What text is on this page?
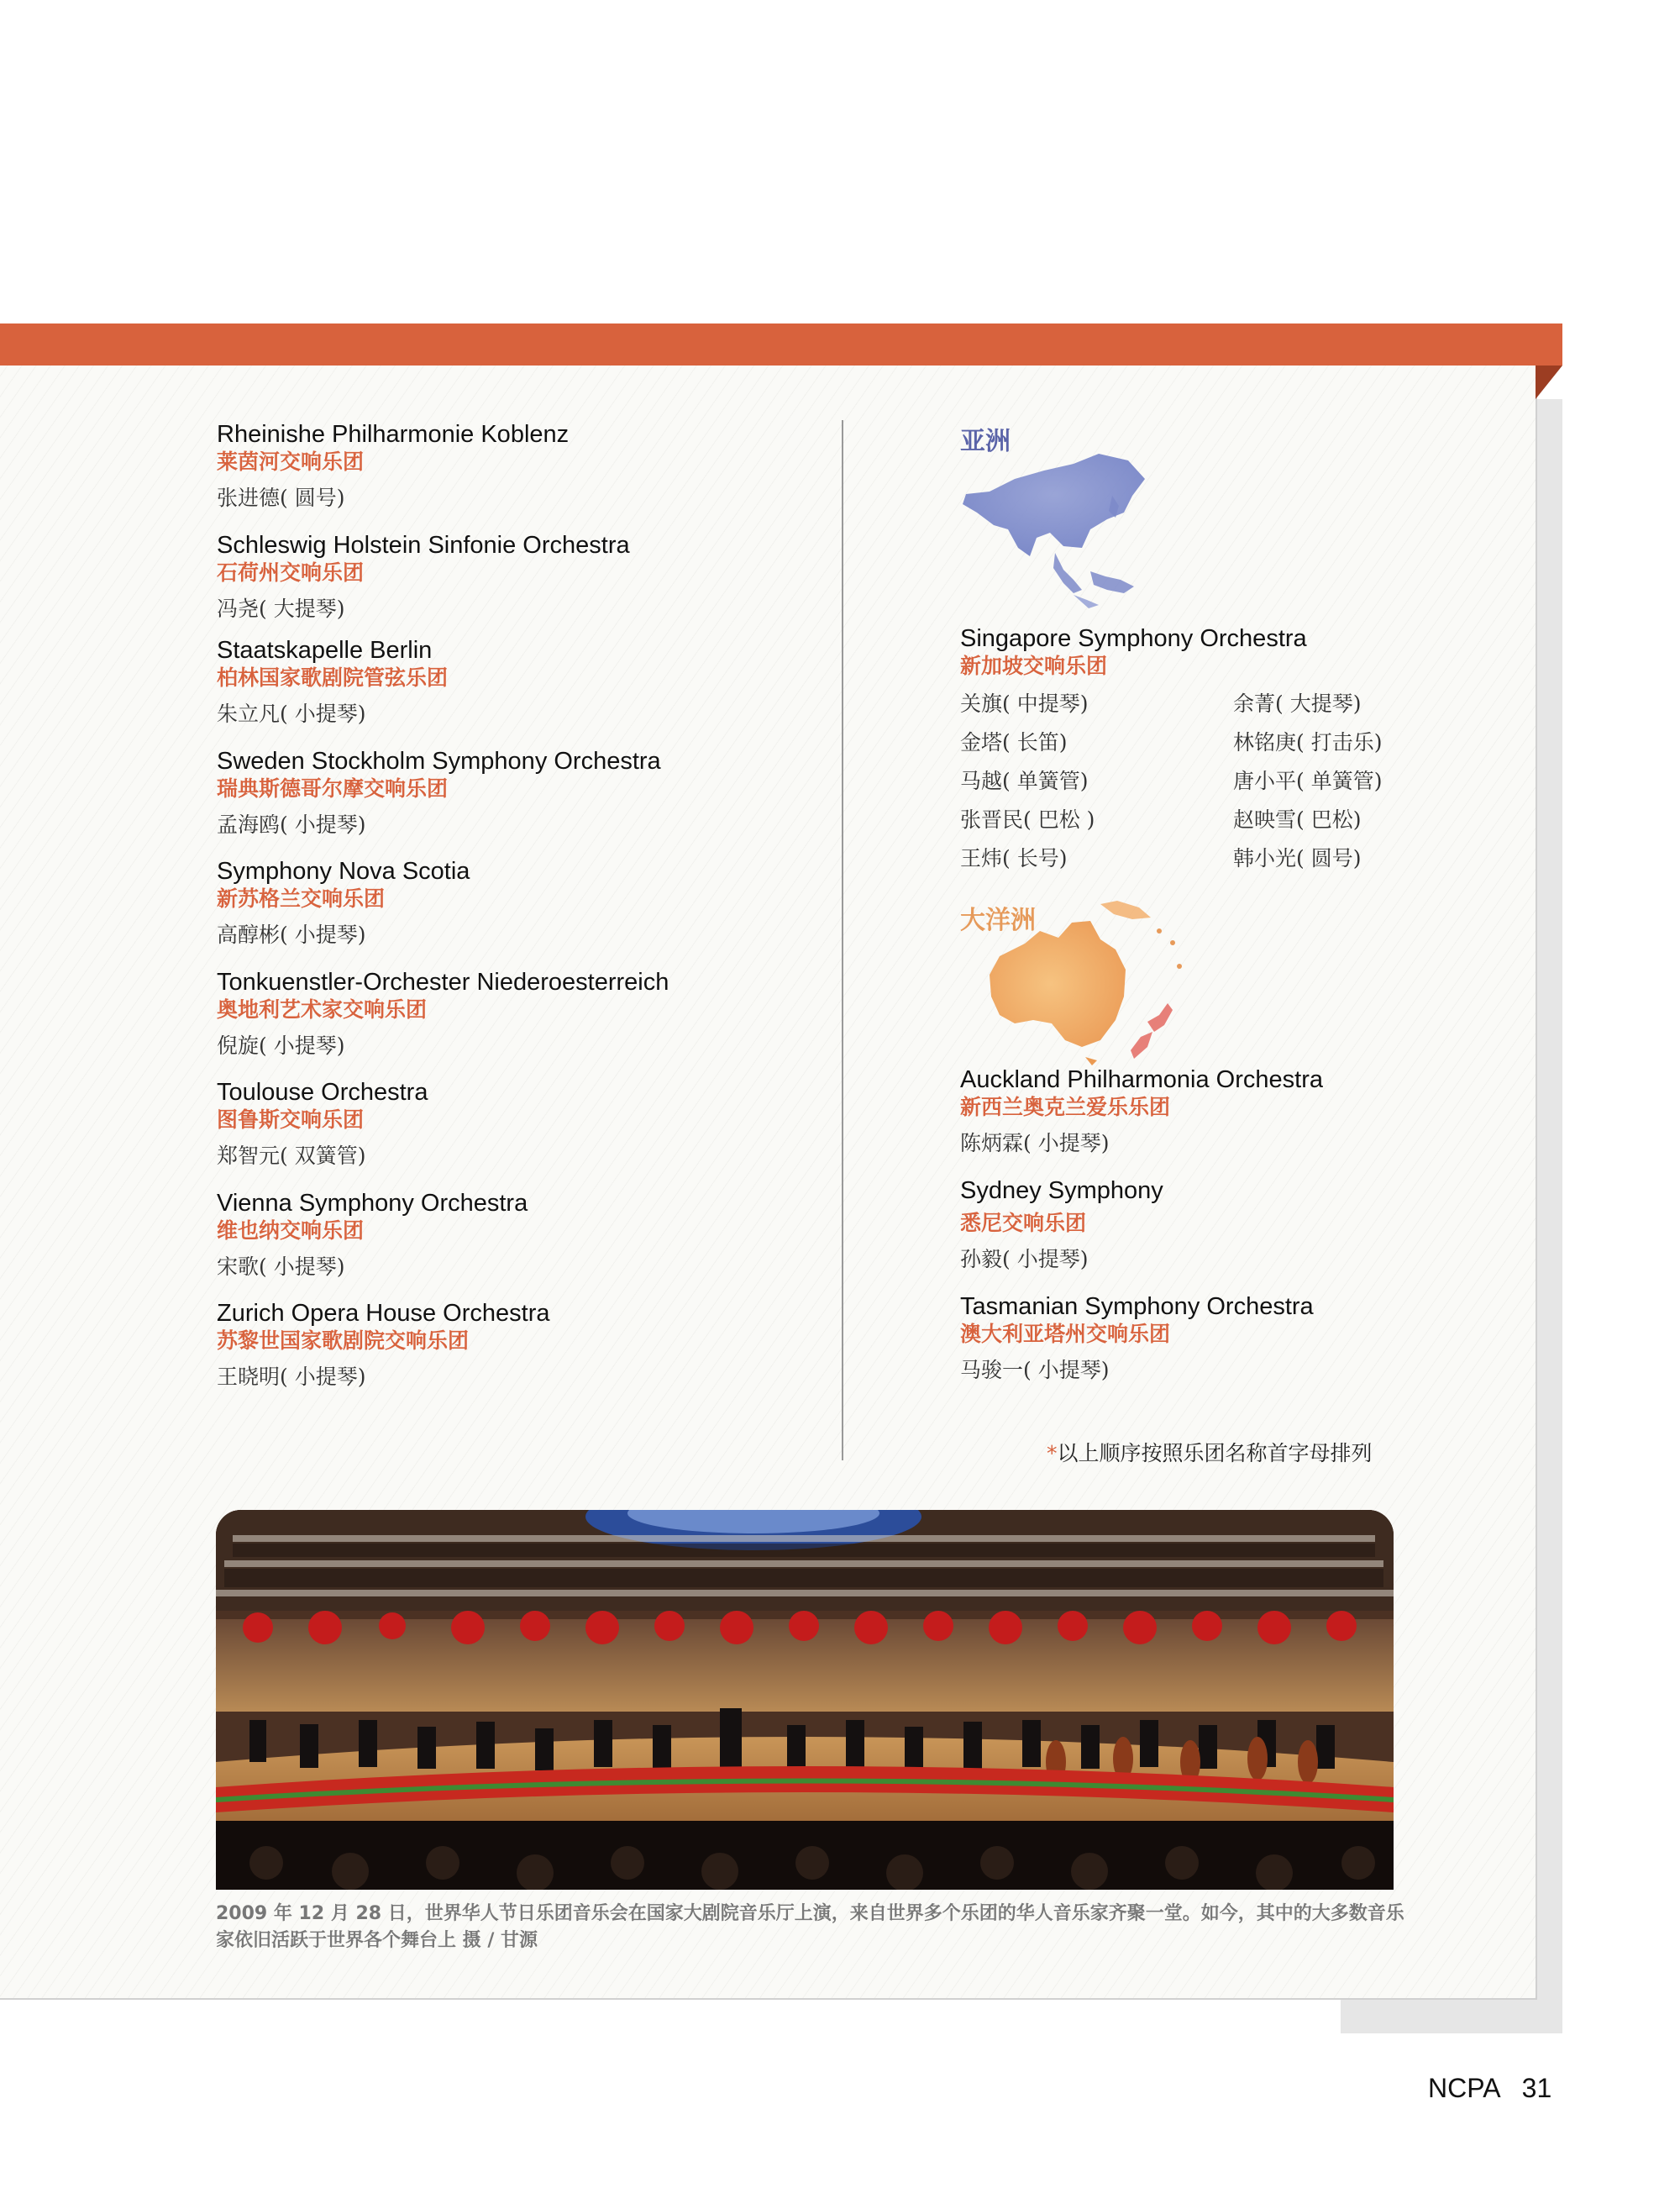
Rheinishe Philharmonie Koblenz
莱茵河交响乐团
张进德( 圆号)
Schleswig Holstein Sinfonie Orchestra
石荷州交响乐团
冯尧( 大提琴)
Staatskapelle Berlin
柏林国家歌剧院管弦乐团
朱立凡( 小提琴)
Sweden Stockholm Symphony Orchestra
瑞典斯德哥尔摩交响乐团
孟海鸥( 小提琴)
Symphony Nova Scotia
新苏格兰交响乐团
高醇彬( 小提琴)
Tonkuenstler-Orchester Niederoesterreich
奥地利艺术家交响乐团
倪旋( 小提琴)
Toulouse Orchestra
图鲁斯交响乐团
郑智元( 双簧管)
Vienna Symphony Orchestra
维也纳交响乐团
宋歌( 小提琴)
Zurich Opera House Orchestra
苏黎世国家歌剧院交响乐团
王晓明( 小提琴)
亚洲
Singapore Symphony Orchestra
新加坡交响乐团
关旗( 中提琴)
金塔( 长笛)
马越( 单簧管)
张晋民( 巴松 )
王炜( 长号)
余菁( 大提琴)
林铭庚( 打击乐)
唐小平( 单簧管)
赵映雪( 巴松)
韩小光( 圆号)
大洋洲
Auckland Philharmonia Orchestra
新西兰奥克兰爱乐乐团
陈炳霖( 小提琴)
Sydney Symphony
悉尼交响乐团
孙毅( 小提琴)
Tasmanian Symphony Orchestra
澳大利亚塔州交响乐团
马骏一( 小提琴)
*以上顺序按照乐团名称首字母排列
2009 年 12 月 28 日，世界华人节日乐团音乐会在国家大剧院音乐厅上演，来自世界多个乐团的华人音乐家齐聚一堂。如今，其中的大多数音乐家依旧活跃于世界各个舞台上 摄 / 甘源
NCPA 31
